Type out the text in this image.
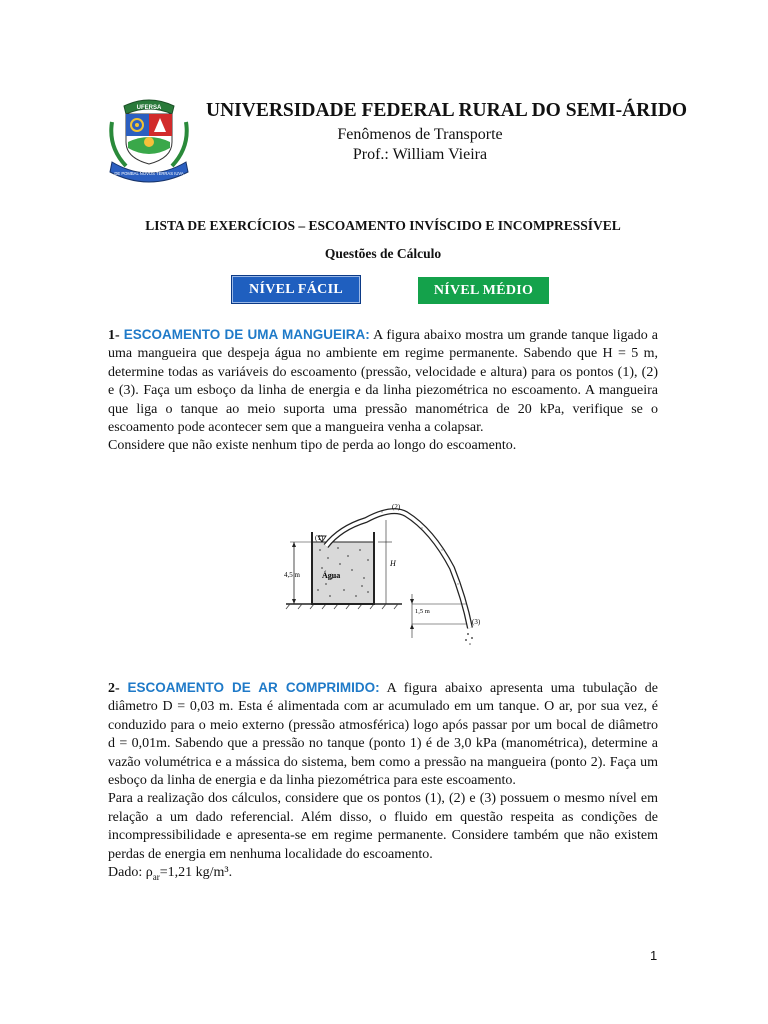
UFERSA
DE POMBAL NOVOS TERRAS IUVA
UNIVERSIDADE FEDERAL RURAL DO SEMI-ÁRIDO
Fenômenos de Transporte
Prof.: William Vieira
LISTA DE EXERCÍCIOS – ESCOAMENTO INVÍSCIDO E INCOMPRESSÍVEL
Questões de Cálculo
NÍVEL FÁCIL	NÍVEL MÉDIO
1- ESCOAMENTO DE UMA MANGUEIRA: A figura abaixo mostra um grande tanque ligado a uma mangueira que despeja água no ambiente em regime permanente. Sabendo que H = 5 m, determine todas as variáveis do escoamento (pressão, velocidade e altura) para os pontos (1), (2) e (3). Faça um esboço da linha de energia e da linha piezométrica no escoamento. A mangueira que liga o tanque ao meio suporta uma pressão manométrica de 20 kPa, verifique se o escoamento pode acontecer sem que a mangueira venha a colapsar.
Considere que não existe nenhum tipo de perda ao longo do escoamento.
(1)
Água
4,5 m
(2)
H
1,5 m
(3)
2- ESCOAMENTO DE AR COMPRIMIDO: A figura abaixo apresenta uma tubulação de diâmetro D = 0,03 m. Esta é alimentada com ar acumulado em um tanque. O ar, por sua vez, é conduzido para o meio externo (pressão atmosférica) logo após passar por um bocal de diâmetro d = 0,01m. Sabendo que a pressão no tanque (ponto 1) é de 3,0 kPa (manométrica), determine a vazão volumétrica e a mássica do sistema, bem como a pressão na mangueira (ponto 2). Faça um esboço da linha de energia e da linha piezométrica para este escoamento.
Para a realização dos cálculos, considere que os pontos (1), (2) e (3) possuem o mesmo nível em relação a um dado referencial. Além disso, o fluido em questão respeita as condições de incompressibilidade e apresenta-se em regime permanente. Considere também que não existem perdas de energia em nenhuma localidade do escoamento.
Dado: $\rho_{ar}=1,21$ kg/m³.
1
